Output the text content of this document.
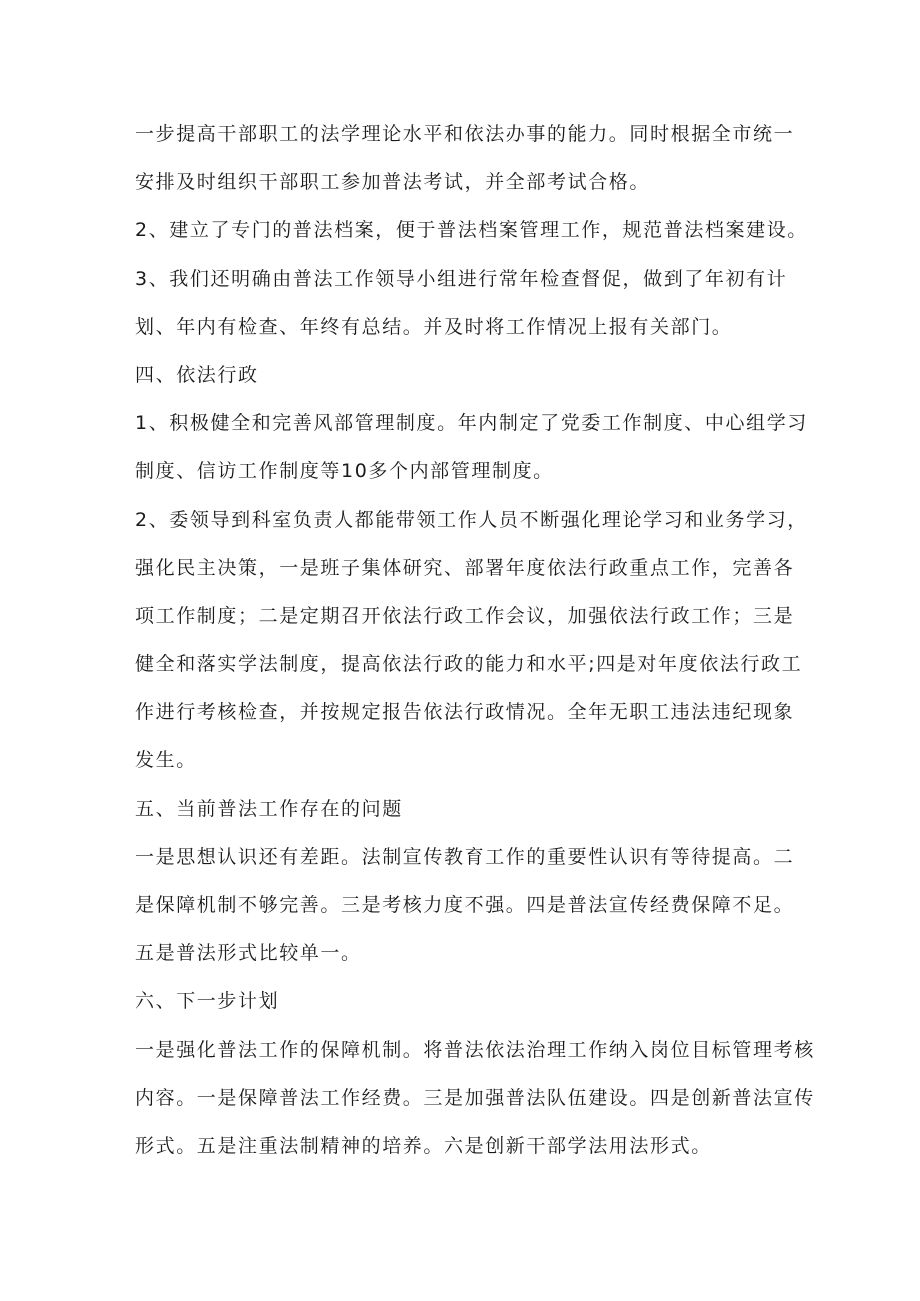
一步提高干部职工的法学理论水平和依法办事的能力。同时根据全市统一
安排及时组织干部职工参加普法考试，并全部考试合格。
2、建立了专门的普法档案，便于普法档案管理工作，规范普法档案建设。
3、我们还明确由普法工作领导小组进行常年检查督促，做到了年初有计
划、年内有检查、年终有总结。并及时将工作情况上报有关部门。
四、依法行政
1、积极健全和完善风部管理制度。年内制定了党委工作制度、中心组学习
制度、信访工作制度等10多个内部管理制度。
2、委领导到科室负责人都能带领工作人员不断强化理论学习和业务学习，
强化民主决策，一是班子集体研究、部署年度依法行政重点工作，完善各
项工作制度；二是定期召开依法行政工作会议，加强依法行政工作；三是
健全和落实学法制度，提高依法行政的能力和水平;四是对年度依法行政工
作进行考核检查，并按规定报告依法行政情况。全年无职工违法违纪现象
发生。
五、当前普法工作存在的问题
一是思想认识还有差距。法制宣传教育工作的重要性认识有等待提高。二
是保障机制不够完善。三是考核力度不强。四是普法宣传经费保障不足。
五是普法形式比较单一。
六、下一步计划
一是强化普法工作的保障机制。将普法依法治理工作纳入岗位目标管理考核
内容。一是保障普法工作经费。三是加强普法队伍建设。四是创新普法宣传
形式。五是注重法制精神的培养。六是创新干部学法用法形式。
